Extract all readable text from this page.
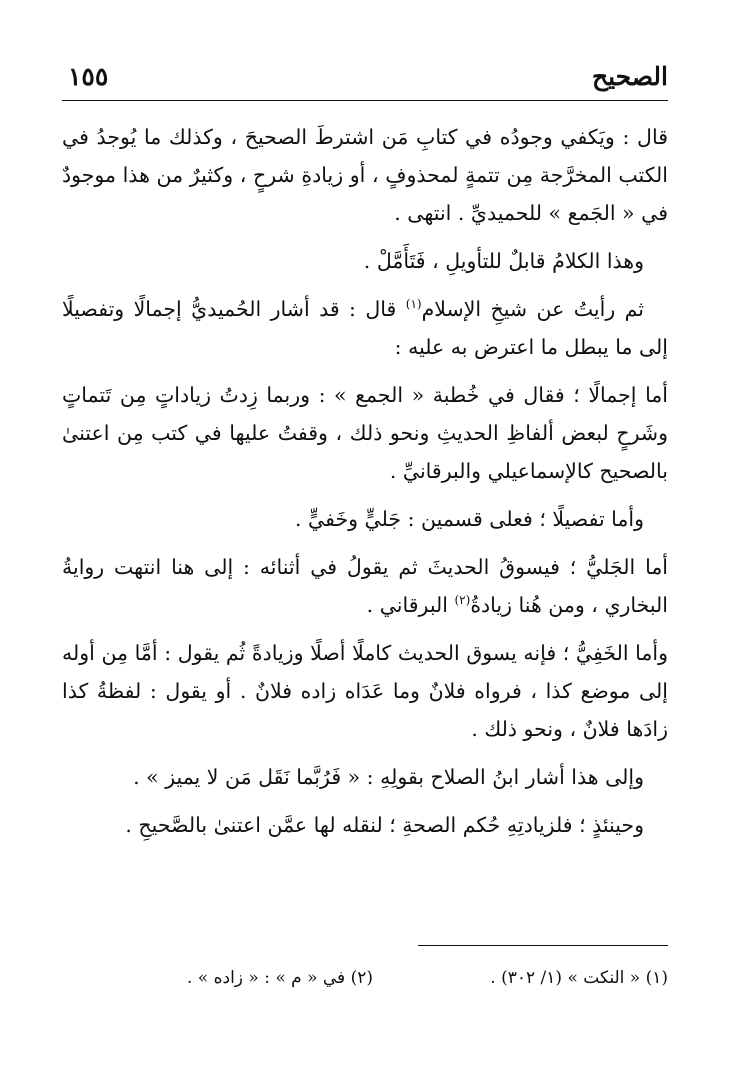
الصحيح
١٥٥

قال : ويَكفي وجودُه في كتابِ مَن اشترطَ الصحيحَ ، وكذلك ما يُوجدُ في الكتب المخرَّجة مِن تتمةٍ لمحذوفٍ ، أو زيادةِ شرحٍ ، وكثيرٌ من هذا موجودٌ في « الجَمع » للحميديِّ . انتهى .

وهذا الكلامُ قابلٌ للتأويلِ ، فَتَأَمَّلْ .

ثم رأيتُ عن شيخِ الإسلام$^{(١)}$ قال : قد أشار الحُميديُّ إجمالًا وتفصيلًا إلى ما يبطل ما اعترض به عليه :

أما إجمالًا ؛ فقال في خُطبة « الجمع » : وربما زِدتُ زياداتٍ مِن تَتماتٍ وشَرحٍ لبعض ألفاظِ الحديثِ ونحو ذلك ، وقفتُ عليها في كتب مِن اعتنىٰ بالصحيح كالإسماعيلي والبرقانيِّ .

وأما تفصيلًا ؛ فعلى قسمين : جَليٍّ وخَفيٍّ .

أما الجَليُّ ؛ فيسوقُ الحديثَ ثم يقولُ في أثنائه : إلى هنا انتهت روايةُ البخاري ، ومن هُنا زيادةُ$^{(٢)}$ البرقاني .

وأما الخَفِيُّ ؛ فإنه يسوق الحديث كاملًا أصلًا وزيادةً ثُم يقول : أمَّا مِن أوله إلى موضع كذا ، فرواه فلانٌ وما عَدَاه زاده فلانٌ . أو يقول : لفظةُ كذا زادَها فلانٌ ، ونحو ذلك .

وإلى هذا أشار ابنُ الصلاح بقولِهِ : « فَرُبَّما نَقَل مَن لا يميز » .

وحينئذٍ ؛ فلزيادتِهِ حُكم الصحةِ ؛ لنقله لها عمَّن اعتنىٰ بالصَّحيحِ .

(١) « النكت » (١/ ٣٠٢) .
(٢) في « م » : « زاده » .
